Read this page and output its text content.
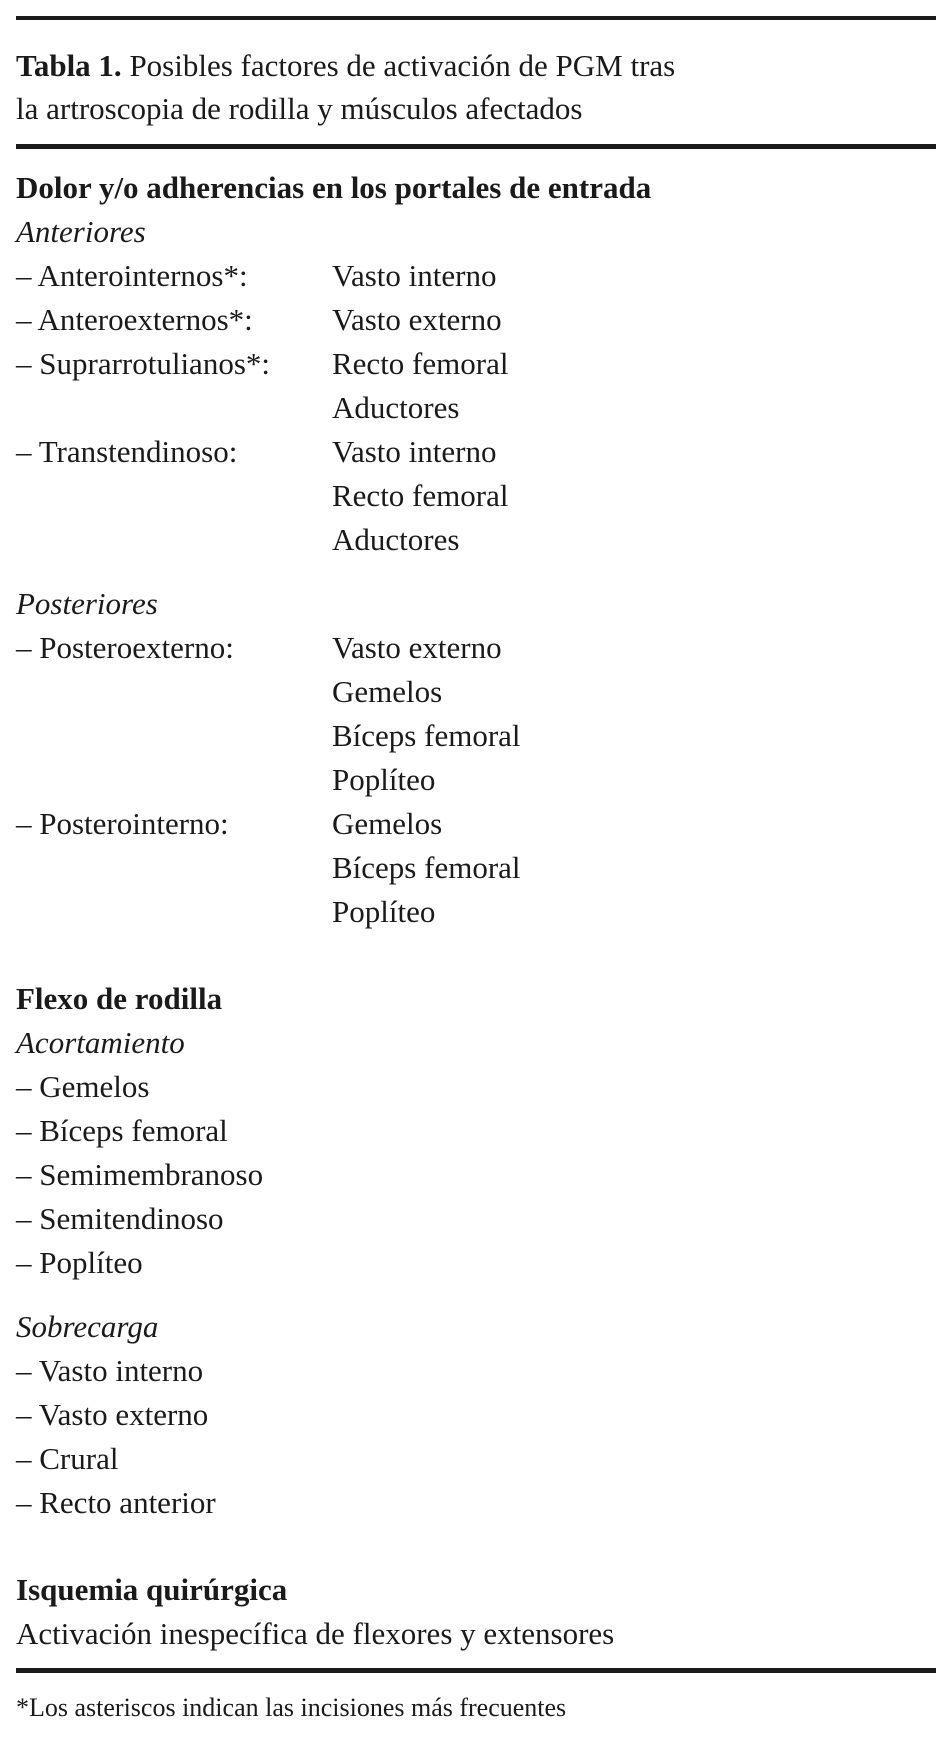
Tabla 1. Posibles factores de activación de PGM tras
la artroscopia de rodilla y músculos afectados
Dolor y/o adherencias en los portales de entrada
Anteriores
– Anterointernos*:	Vasto interno
– Anteroexternos*:	Vasto externo
– Suprarrotulianos*:	Recto femoral
Aductores
– Transtendinoso:	Vasto interno
Recto femoral
Aductores
Posteriores
– Posteroexterno:	Vasto externo
Gemelos
Bíceps femoral
Poplíteo
– Posterointerno:	Gemelos
Bíceps femoral
Poplíteo
Flexo de rodilla
Acortamiento
– Gemelos
– Bíceps femoral
– Semimembranoso
– Semitendinoso
– Poplíteo
Sobrecarga
– Vasto interno
– Vasto externo
– Crural
– Recto anterior
Isquemia quirúrgica
Activación inespecífica de flexores y extensores
*Los asteriscos indican las incisiones más frecuentes
